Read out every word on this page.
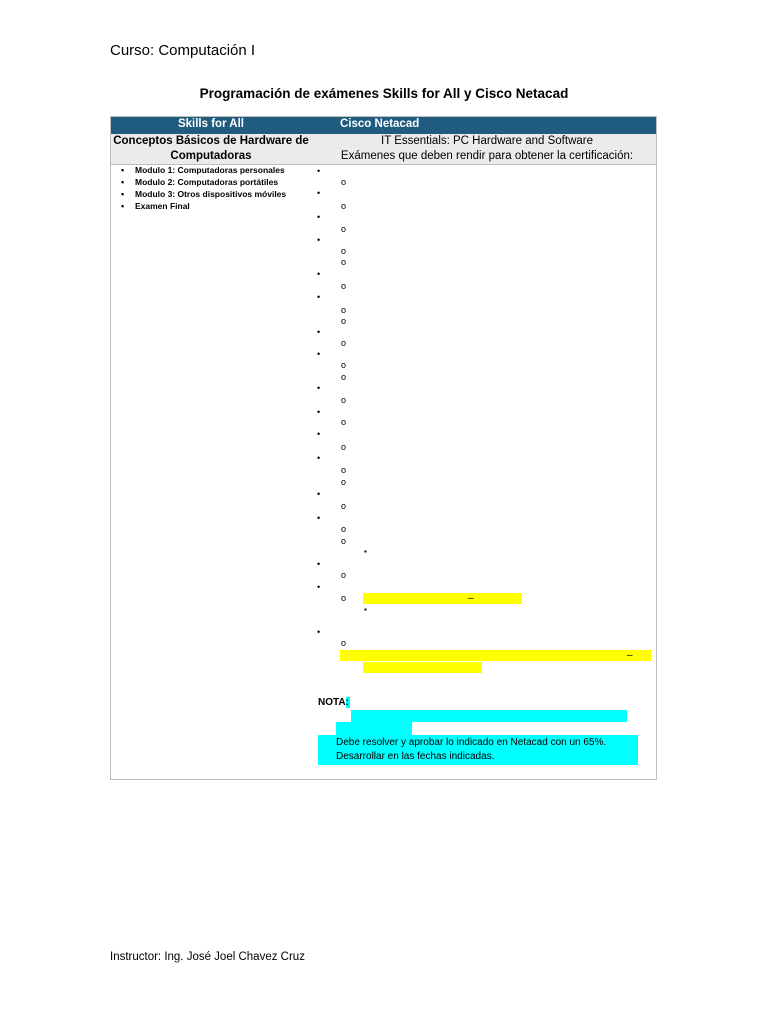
Curso: Computación I
Programación de exámenes Skills for All y Cisco Netacad
Skills for All	Cisco Netacad
Conceptos Básicos de Hardware de Computadoras
IT Essentials: PC Hardware and Software
Exámenes que deben rendir para obtener la certificación:
• Modulo 1: Computadoras personales
• Modulo 2: Computadoras portátiles
• Modulo 3: Otros dispositivos móviles
• Examen Final
•
o
•
o
•
o
•
o
o
•
o
•
o
o
•
o
•
o
o
•
o
•
o
•
o
•
o
o
•
o
•
o
o
▪
•
o
•
o
▪
•
o
–
–
NOTA:
Debe resolver y aprobar lo indicado en Netacad con un 65%.
Desarrollar en las fechas indicadas.
Instructor: Ing. José Joel Chavez Cruz
